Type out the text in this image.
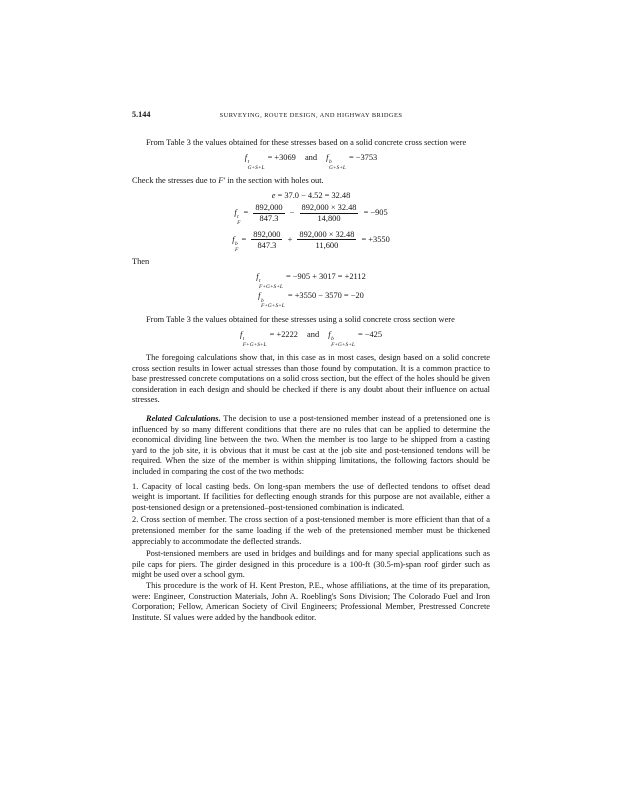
5.144	SURVEYING, ROUTE DESIGN, AND HIGHWAY BRIDGES

From Table 3 the values obtained for these stresses based on a solid concrete cross section were

f
t
G+S+L
= +3069 and f
b
G+S+L
= −3753

Check the stresses due to F′ in the section with holes out.

e = 37.0 − 4.52 = 32.48
f
t
F
= $\frac{892,000}{847.3} - \frac{892,000 \times 32.48}{14,800} = -905$
f
b
F
= $\frac{892,000}{847.3} + \frac{892,000 \times 32.48}{11,600} = +3550$

Then

f
t
F+G+S+L
= −905 + 3017 = +2112
f
b
F+G+S+L
= +3550 − 3570 = −20

From Table 3 the values obtained for these stresses using a solid concrete cross section were

f
t
F+G+S+L
= +2222 and f
b
F+G+S+L
= −425

The foregoing calculations show that, in this case as in most cases, design based on a solid concrete cross section results in lower actual stresses than those found by computation. It is a common practice to base prestressed concrete computations on a solid cross section, but the effect of the holes should be given consideration in each design and should be checked if there is any doubt about their influence on actual stresses.

Related Calculations. The decision to use a post-tensioned member instead of a pretensioned one is influenced by so many different conditions that there are no rules that can be applied to determine the economical dividing line between the two. When the member is too large to be shipped from a casting yard to the job site, it is obvious that it must be cast at the job site and post-tensioned tendons will be required. When the size of the member is within shipping limitations, the following factors should be included in comparing the cost of the two methods:

1. Capacity of local casting beds. On long-span members the use of deflected tendons to offset dead weight is important. If facilities for deflecting enough strands for this purpose are not available, either a post-tensioned design or a pretensioned–post-tensioned combination is indicated.

2. Cross section of member. The cross section of a post-tensioned member is more efficient than that of a pretensioned member for the same loading if the web of the pretensioned member must be thickened appreciably to accommodate the deflected strands.

Post-tensioned members are used in bridges and buildings and for many special applications such as pile caps for piers. The girder designed in this procedure is a 100-ft (30.5-m)-span roof girder such as might be used over a school gym.

This procedure is the work of H. Kent Preston, P.E., whose affiliations, at the time of its preparation, were: Engineer, Construction Materials, John A. Roebling's Sons Division; The Colorado Fuel and Iron Corporation; Fellow, American Society of Civil Engineers; Professional Member, Prestressed Concrete Institute. SI values were added by the handbook editor.
